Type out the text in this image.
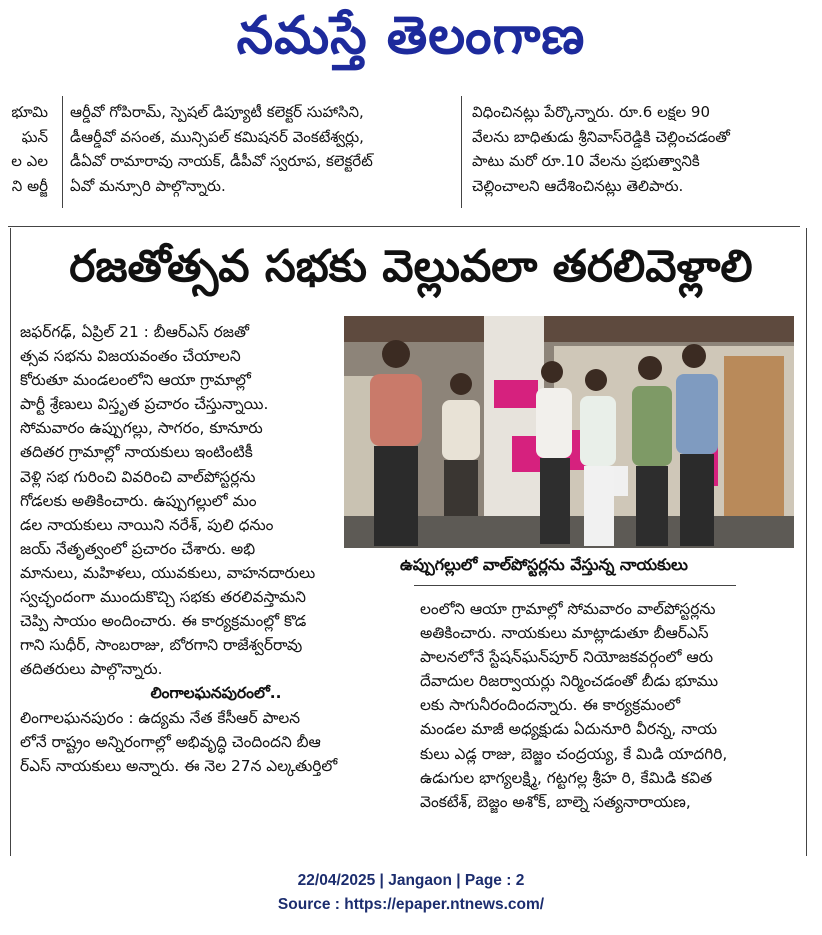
నమస్తే తెలంగాణ
భూమి
ఘన్
ల ఎల
ని అర్జీ
ఆర్డీవో గోపిరామ్, స్పెషల్ డిప్యూటీ కలెక్టర్ సుహాసిని,
డీఆర్డీవో వసంత, మున్సిపల్ కమిషనర్ వెంకటేశ్వర్లు,
డీఏవో రామారావు నాయక్, డీపీవో స్వరూప, కలెక్టరేట్
ఏవో మన్సూరి పాల్గొన్నారు.
విధించినట్లు పేర్కొన్నారు. రూ.6 లక్షల 90
వేలను బాధితుడు శ్రీనివాస్‌రెడ్డికి చెల్లించడంతో
పాటు మరో రూ.10 వేలను ప్రభుత్వానికి
చెల్లించాలని ఆదేశించినట్లు తెలిపారు.
రజతోత్సవ సభకు వెల్లువలా తరలివెళ్లాలి
జఫర్‌గఢ్, ఏప్రిల్ 21 : బీఆర్ఎస్ రజతో
త్సవ సభను విజయవంతం చేయాలని
కోరుతూ మండలంలోని ఆయా గ్రామాల్లో
పార్టీ శ్రేణులు విస్తృత ప్రచారం చేస్తున్నాయి.
సోమవారం ఉప్పుగల్లు, సాగరం, కూనూరు
తదితర గ్రామాల్లో నాయకులు ఇంటింటికీ
వెళ్లి సభ గురించి వివరించి వాల్‌పోస్టర్లను
గోడలకు అతికించారు. ఉప్పుగల్లులో మం
డల నాయకులు నాయిని నరేశ్, పులి ధనుం
జయ్ నేతృత్వంలో ప్రచారం చేశారు. అభి
మానులు, మహిళలు, యువకులు, వాహనదారులు
స్వచ్ఛందంగా ముందుకొచ్చి సభకు తరలివస్తామని
చెప్పి సాయం అందించారు. ఈ కార్యక్రమంల్లో కొడ
గాని సుధీర్, సాంబరాజు, బోరగాని రాజేశ్వర్‌రావు
తదితరులు పాల్గొన్నారు.
లింగాలఘనపురంలో..
లింగాలఘనపురం : ఉద్యమ నేత కేసీఆర్ పాలన
లోనే రాష్ట్రం అన్నిరంగాల్లో అభివృద్ధి చెందిందని బీఆ
ర్ఎస్ నాయకులు అన్నారు. ఈ నెల 27న ఎల్కతుర్తిలో
ఉప్పుగల్లులో వాల్‌పోస్టర్లను వేస్తున్న నాయకులు
లంలోని ఆయా గ్రామాల్లో సోమవారం వాల్‌పోస్టర్లను
అతికించారు. నాయకులు మాట్లాడుతూ బీఆర్ఎస్
పాలనలోనే స్టేషన్‌ఘన్‌పూర్ నియోజకవర్గంలో ఆరు
దేవాదుల రిజర్వాయర్లు నిర్మించడంతో బీడు భూము
లకు సాగునీరందిందన్నారు. ఈ కార్యక్రమంలో
మండల మాజీ అధ్యక్షుడు ఏదునూరి వీరన్న, నాయ
కులు ఎడ్ల రాజు, బెజ్జం చంద్రయ్య, కే మిడి యాదగిరి,
ఉడుగుల భాగ్యలక్ష్మి, గట్టగల్ల శ్రీహ రి, కేమిడి కవిత
వెంకటేశ్, బెజ్జం అశోక్, బాల్నె సత్యనారాయణ,
22/04/2025 | Jangaon | Page : 2
Source : https://epaper.ntnews.com/
